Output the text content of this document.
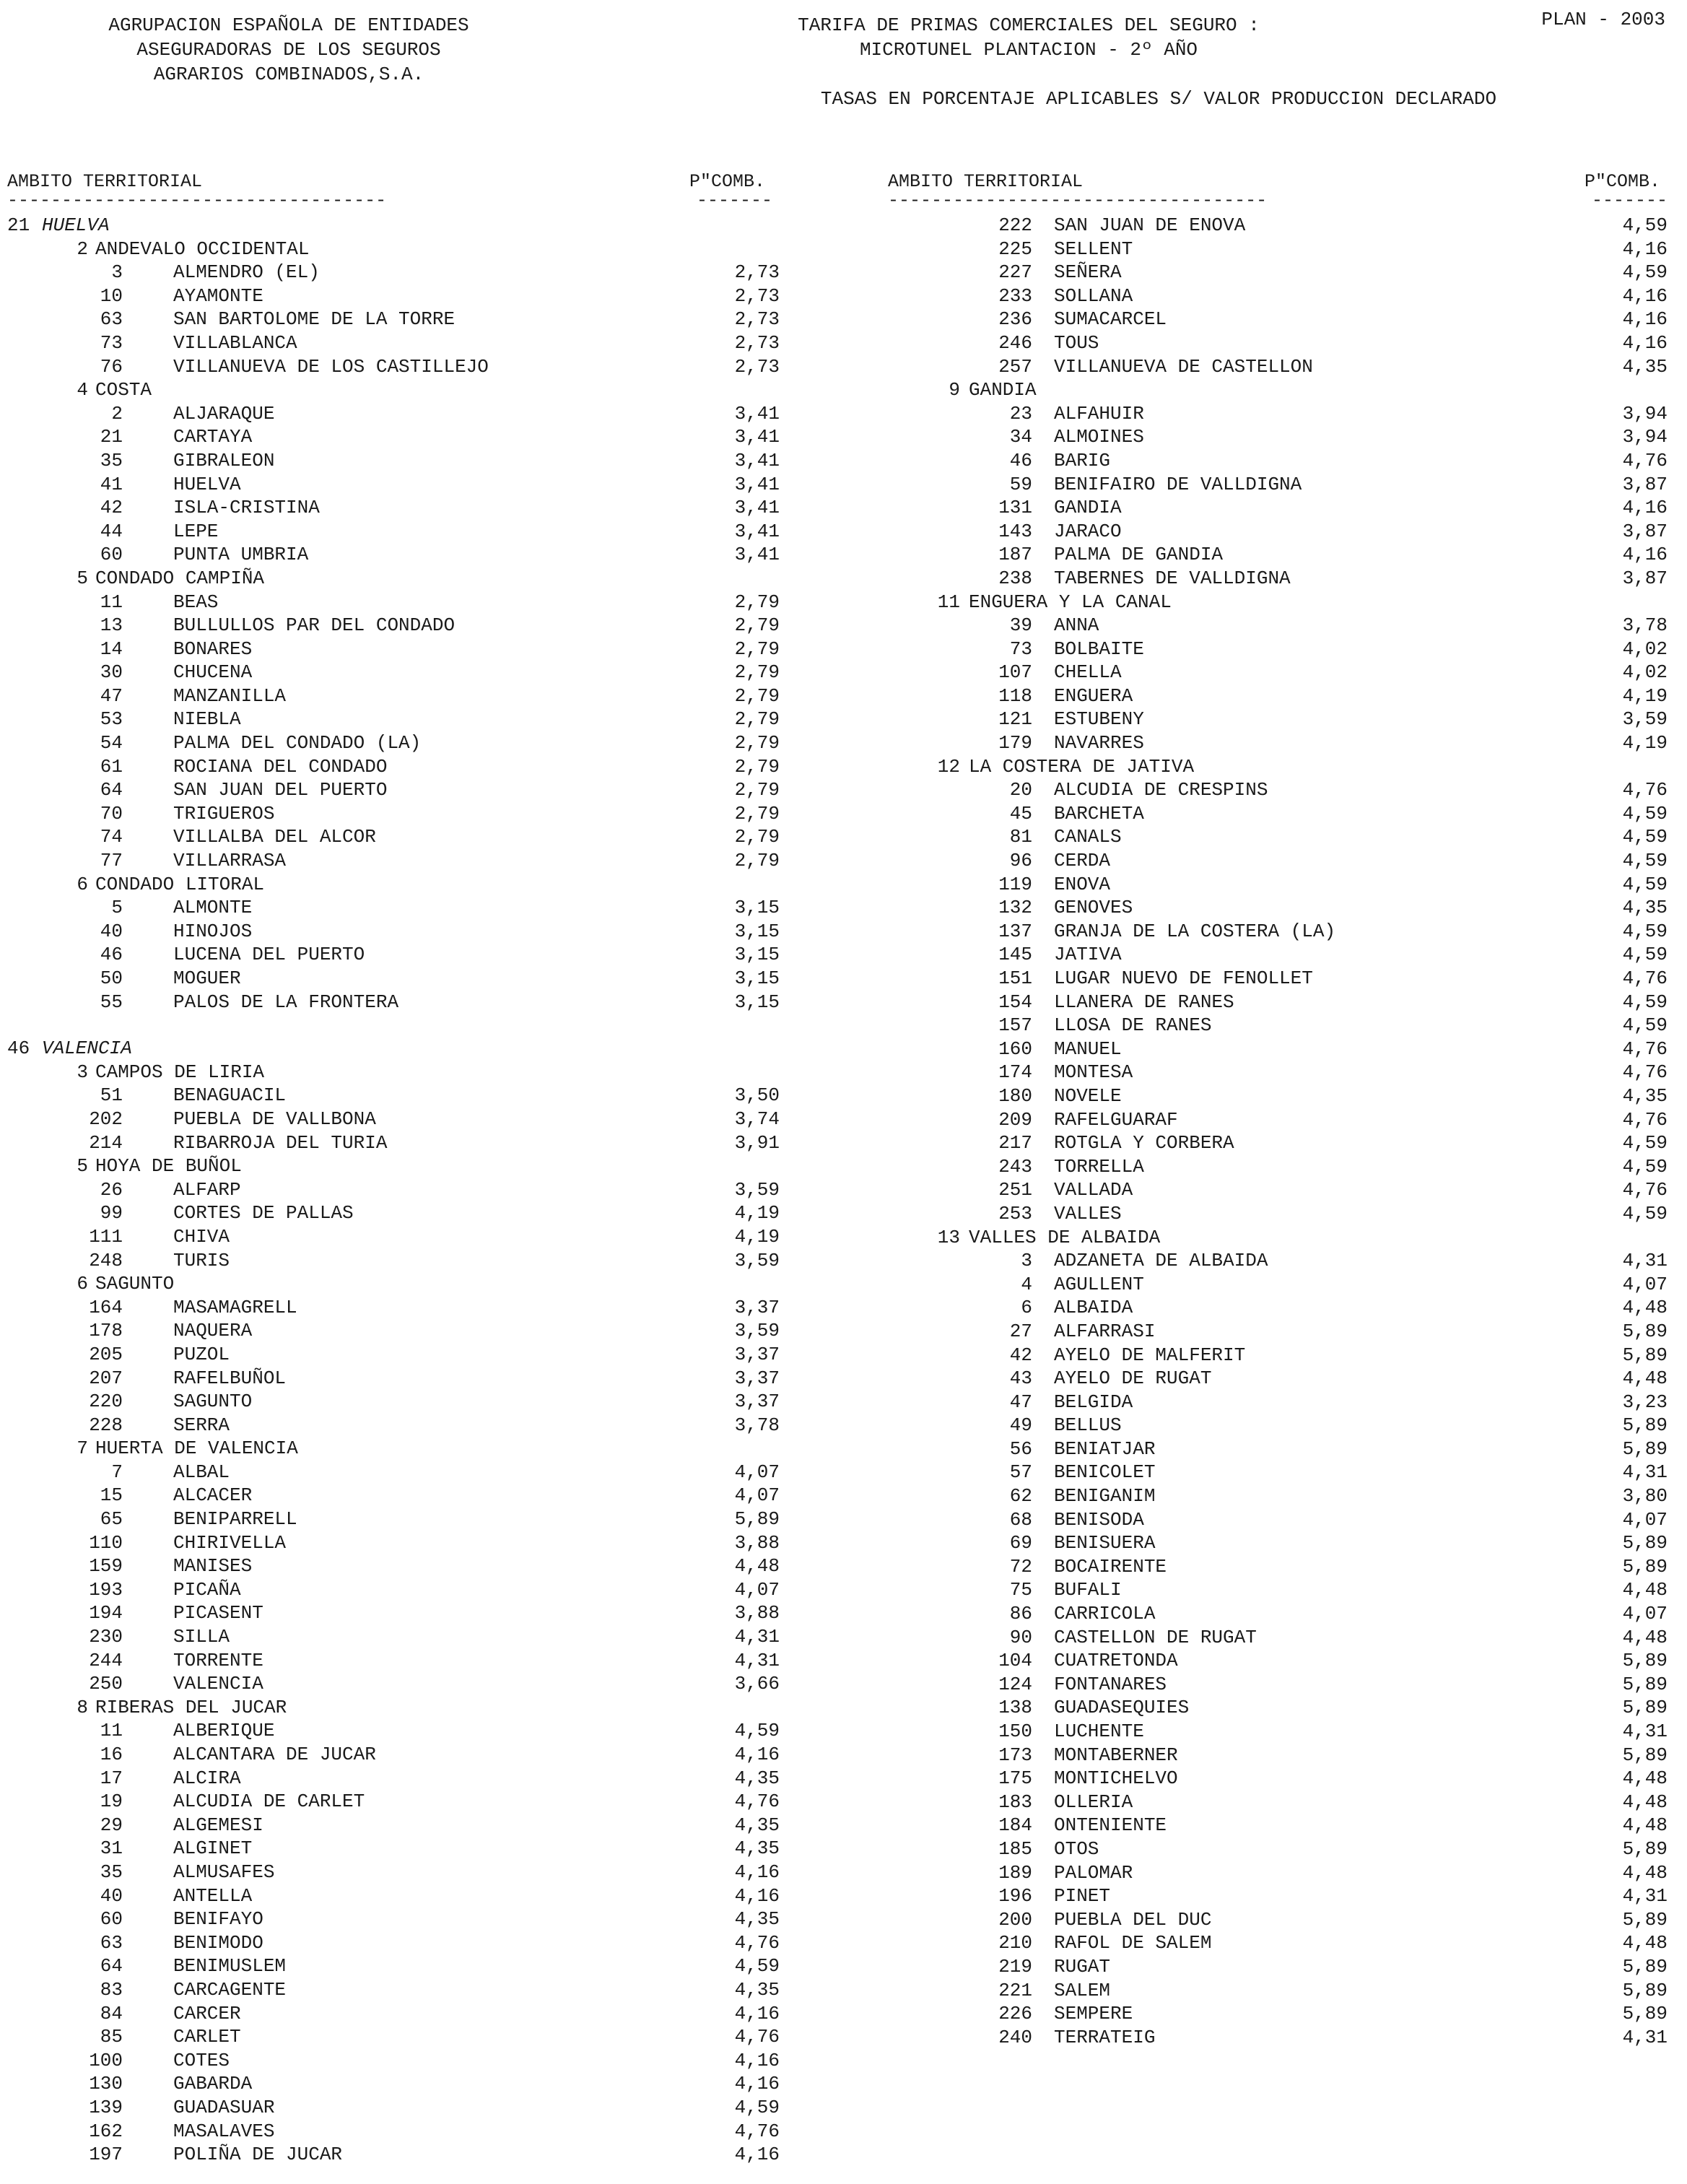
AGRUPACION ESPAÑOLA DE ENTIDADES
ASEGURADORAS DE LOS SEGUROS
AGRARIOS COMBINADOS,S.A.
TARIFA DE PRIMAS COMERCIALES DEL SEGURO :
MICROTUNEL PLANTACION - 2º AÑO
PLAN - 2003
TASAS EN PORCENTAJE APLICABLES S/ VALOR PRODUCCION DECLARADO
AMBITO TERRITORIAL	P"COMB.

-----------------------------------

	-------

21 HUELVA
2 ANDEVALO OCCIDENTAL
3	ALMENDRO (EL)	2,73
10	AYAMONTE	2,73
63	SAN BARTOLOME DE LA TORRE	2,73
73	VILLABLANCA	2,73
76	VILLANUEVA DE LOS CASTILLEJO	2,73
4 COSTA
2	ALJARAQUE	3,41
21	CARTAYA	3,41
35	GIBRALEON	3,41
41	HUELVA	3,41
42	ISLA-CRISTINA	3,41
44	LEPE	3,41
60	PUNTA UMBRIA	3,41
5 CONDADO CAMPIÑA
11	BEAS	2,79
13	BULLULLOS PAR DEL CONDADO	2,79
14	BONARES	2,79
30	CHUCENA	2,79
47	MANZANILLA	2,79
53	NIEBLA	2,79
54	PALMA DEL CONDADO (LA)	2,79
61	ROCIANA DEL CONDADO	2,79
64	SAN JUAN DEL PUERTO	2,79
70	TRIGUEROS	2,79
74	VILLALBA DEL ALCOR	2,79
77	VILLARRASA	2,79
6 CONDADO LITORAL
5	ALMONTE	3,15
40	HINOJOS	3,15
46	LUCENA DEL PUERTO	3,15
50	MOGUER	3,15
55	PALOS DE LA FRONTERA	3,15
46 VALENCIA
3 CAMPOS DE LIRIA
51	BENAGUACIL	3,50
202	PUEBLA DE VALLBONA	3,74
214	RIBARROJA DEL TURIA	3,91
5 HOYA DE BUÑOL
26	ALFARP	3,59
99	CORTES DE PALLAS	4,19
111	CHIVA	4,19
248	TURIS	3,59
6 SAGUNTO
164	MASAMAGRELL	3,37
178	NAQUERA	3,59
205	PUZOL	3,37
207	RAFELBUÑOL	3,37
220	SAGUNTO	3,37
228	SERRA	3,78
7 HUERTA DE VALENCIA
7	ALBAL	4,07
15	ALCACER	4,07
65	BENIPARRELL	5,89
110	CHIRIVELLA	3,88
159	MANISES	4,48
193	PICAÑA	4,07
194	PICASENT	3,88
230	SILLA	4,31
244	TORRENTE	4,31
250	VALENCIA	3,66
8 RIBERAS DEL JUCAR
11	ALBERIQUE	4,59
16	ALCANTARA DE JUCAR	4,16
17	ALCIRA	4,35
19	ALCUDIA DE CARLET	4,76
29	ALGEMESI	4,35
31	ALGINET	4,35
35	ALMUSAFES	4,16
40	ANTELLA	4,16
60	BENIFAYO	4,35
63	BENIMODO	4,76
64	BENIMUSLEM	4,59
83	CARCAGENTE	4,35
84	CARCER	4,16
85	CARLET	4,76
100	COTES	4,16
130	GABARDA	4,16
139	GUADASUAR	4,59
162	MASALAVES	4,76
197	POLIÑA DE JUCAR	4,16
AMBITO TERRITORIAL	P"COMB.

-----------------------------------

	-------

222 SAN JUAN DE ENOVA	4,59
225 SELLENT	4,16
227 SEÑERA	4,59
233 SOLLANA	4,16
236 SUMACARCEL	4,16
246 TOUS	4,16
257 VILLANUEVA DE CASTELLON	4,35
9 GANDIA
23 ALFAHUIR	3,94
34 ALMOINES	3,94
46 BARIG	4,76
59 BENIFAIRO DE VALLDIGNA	3,87
131 GANDIA	4,16
143 JARACO	3,87
187 PALMA DE GANDIA	4,16
238 TABERNES DE VALLDIGNA	3,87
11 ENGUERA Y LA CANAL
39 ANNA	3,78
73 BOLBAITE	4,02
107 CHELLA	4,02
118 ENGUERA	4,19
121 ESTUBENY	3,59
179 NAVARRES	4,19
12 LA COSTERA DE JATIVA
20 ALCUDIA DE CRESPINS	4,76
45 BARCHETA	4,59
81 CANALS	4,59
96 CERDA	4,59
119 ENOVA	4,59
132 GENOVES	4,35
137 GRANJA DE LA COSTERA (LA)	4,59
145 JATIVA	4,59
151 LUGAR NUEVO DE FENOLLET	4,76
154 LLANERA DE RANES	4,59
157 LLOSA DE RANES	4,59
160 MANUEL	4,76
174 MONTESA	4,76
180 NOVELE	4,35
209 RAFELGUARAF	4,76
217 ROTGLA Y CORBERA	4,59
243 TORRELLA	4,59
251 VALLADA	4,76
253 VALLES	4,59
13 VALLES DE ALBAIDA
3 ADZANETA DE ALBAIDA	4,31
4 AGULLENT	4,07
6 ALBAIDA	4,48
27 ALFARRASI	5,89
42 AYELO DE MALFERIT	5,89
43 AYELO DE RUGAT	4,48
47 BELGIDA	3,23
49 BELLUS	5,89
56 BENIATJAR	5,89
57 BENICOLET	4,31
62 BENIGANIM	3,80
68 BENISODA	4,07
69 BENISUERA	5,89
72 BOCAIRENTE	5,89
75 BUFALI	4,48
86 CARRICOLA	4,07
90 CASTELLON DE RUGAT	4,48
104 CUATRETONDA	5,89
124 FONTANARES	5,89
138 GUADASEQUIES	5,89
150 LUCHENTE	4,31
173 MONTABERNER	5,89
175 MONTICHELVO	4,48
183 OLLERIA	4,48
184 ONTENIENTE	4,48
185 OTOS	5,89
189 PALOMAR	4,48
196 PINET	4,31
200 PUEBLA DEL DUC	5,89
210 RAFOL DE SALEM	4,48
219 RUGAT	5,89
221 SALEM	5,89
226 SEMPERE	5,89
240 TERRATEIG	4,31
